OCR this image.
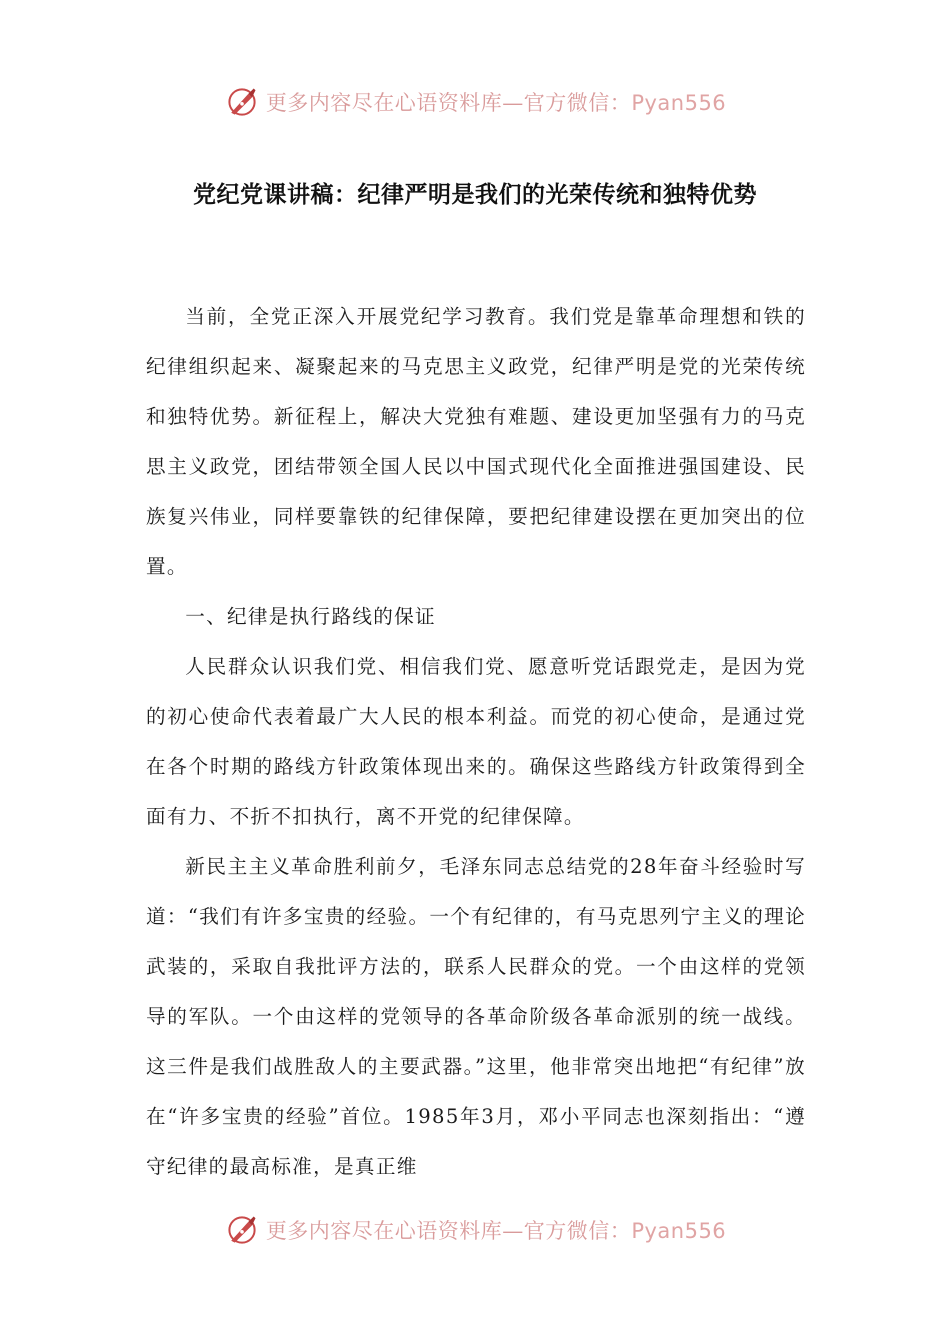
更多内容尽在心语资料库—官方微信：Pyan556
党纪党课讲稿：纪律严明是我们的光荣传统和独特优势

当前，全党正深入开展党纪学习教育。我们党是靠革命理想和铁的纪律组织起来、凝聚起来的马克思主义政党，纪律严明是党的光荣传统和独特优势。新征程上，解决大党独有难题、建设更加坚强有力的马克思主义政党，团结带领全国人民以中国式现代化全面推进强国建设、民族复兴伟业，同样要靠铁的纪律保障，要把纪律建设摆在更加突出的位置。

一、纪律是执行路线的保证

人民群众认识我们党、相信我们党、愿意听党话跟党走，是因为党的初心使命代表着最广大人民的根本利益。而党的初心使命，是通过党在各个时期的路线方针政策体现出来的。确保这些路线方针政策得到全面有力、不折不扣执行，离不开党的纪律保障。

新民主主义革命胜利前夕，毛泽东同志总结党的28年奋斗经验时写道：“我们有许多宝贵的经验。一个有纪律的，有马克思列宁主义的理论武装的，采取自我批评方法的，联系人民群众的党。一个由这样的党领导的军队。一个由这样的党领导的各革命阶级各革命派别的统一战线。这三件是我们战胜敌人的主要武器。”这里，他非常突出地把“有纪律”放在“许多宝贵的经验”首位。1985年3月，邓小平同志也深刻指出：“遵守纪律的最高标准，是真正维

更多内容尽在心语资料库—官方微信：Pyan556
